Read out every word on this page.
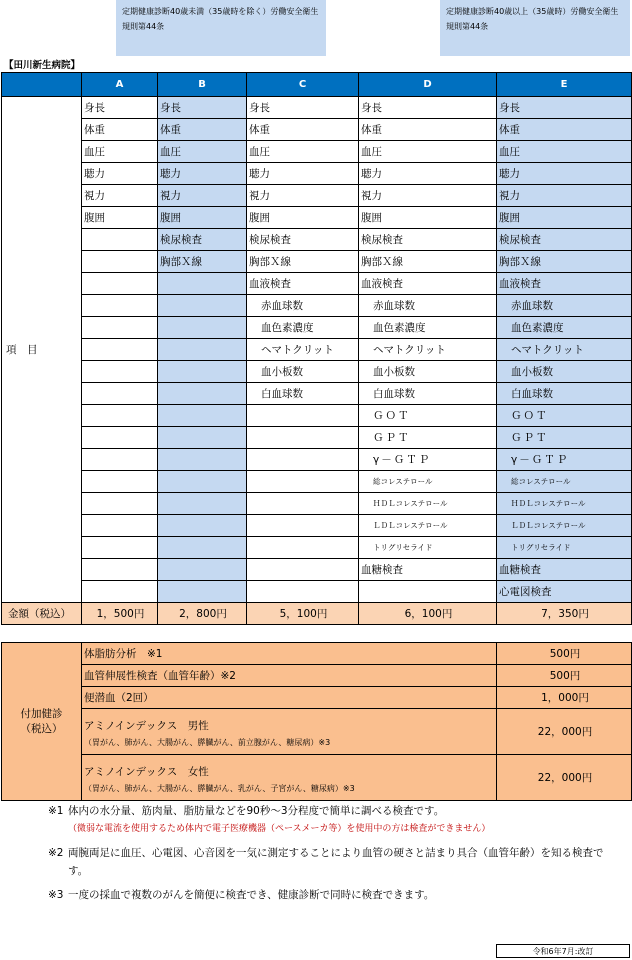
定期健康診断40歳未満（35歳時を除く）労働安全衛生規則第44条
定期健康診断40歳以上（35歳時）労働安全衛生規則第44条
【田川新生病院】
	A	B	C	D	E
項　目	身長	身長	身長	身長	身長
	体重	体重	体重	体重	体重
	血圧	血圧	血圧	血圧	血圧
	聴力	聴力	聴力	聴力	聴力
	視力	視力	視力	視力	視力
	腹囲	腹囲	腹囲	腹囲	腹囲
		検尿検査	検尿検査	検尿検査	検尿検査
		胸部Ｘ線	胸部Ｘ線	胸部Ｘ線	胸部Ｘ線
			血液検査	血液検査	血液検査
			赤血球数	赤血球数	赤血球数
			血色素濃度	血色素濃度	血色素濃度
			ヘマトクリット	ヘマトクリット	ヘマトクリット
			血小板数	血小板数	血小板数
			白血球数	白血球数	白血球数
				ＧＯＴ	ＧＯＴ
				ＧＰＴ	ＧＰＴ
				γ－ＧＴＰ	γ－ＧＴＰ
				総コレステロール	総コレステロール
				ＨＤＬコレステロール	ＨＤＬコレステロール
				ＬＤＬコレステロール	ＬＤＬコレステロール
				トリグリセライド	トリグリセライド
				血糖検査	血糖検査
					心電図検査
金額（税込）	1，500円	2，800円	5，100円	6，100円	7，350円
付加健診
（税込）	体脂肪分析　※1	500円
	血管伸展性検査（血管年齢）※2	500円
	便潜血（2回）	1，000円

	アミノインデックス　男性
（胃がん、肺がん、大腸がん、膵臓がん、前立腺がん、糖尿病）※3	22，000円

	アミノインデックス　女性
（胃がん、肺がん、大腸がん、膵臓がん、乳がん、子宮がん、糖尿病）※3	22，000円
※1 体内の水分量、筋肉量、脂肪量などを90秒～3分程度で簡単に調べる検査です。
（微弱な電流を使用するため体内で電子医療機器（ペースメーカ等）を使用中の方は検査ができません）
※2 両腕両足に血圧、心電図、心音図を一気に測定することにより血管の硬さと詰まり具合（血管年齢）を知る検査です。
※3 一度の採血で複数のがんを簡便に検査でき、健康診断で同時に検査できます。
令和6年7月:改訂
